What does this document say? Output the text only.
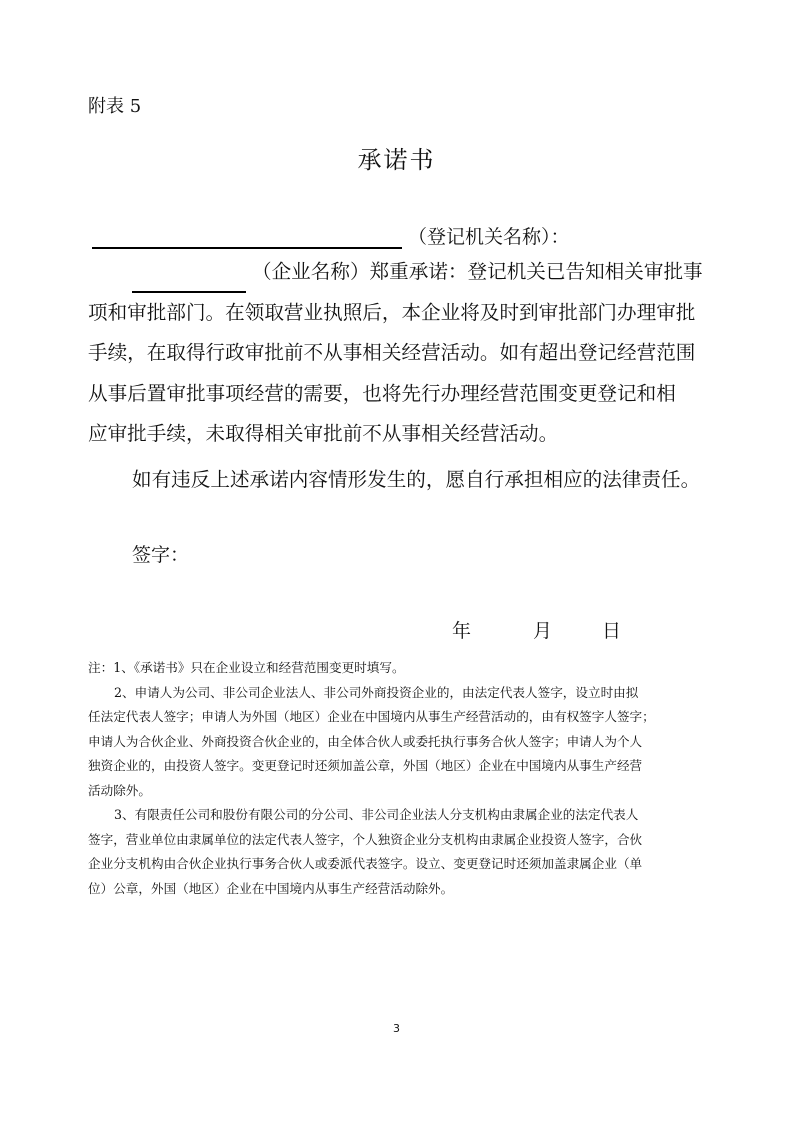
附表 5
承诺书
（登记机关名称）：
（企业名称）郑重承诺：登记机关已告知相关审批事
项和审批部门。在领取营业执照后，本企业将及时到审批部门办理审批
手续，在取得行政审批前不从事相关经营活动。如有超出登记经营范围
从事后置审批事项经营的需要，也将先行办理经营范围变更登记和相
应审批手续，未取得相关审批前不从事相关经营活动。
如有违反上述承诺内容情形发生的，愿自行承担相应的法律责任。
签字：
年	月	日
注：1、《承诺书》只在企业设立和经营范围变更时填写。
2、申请人为公司、非公司企业法人、非公司外商投资企业的，由法定代表人签字，设立时由拟
任法定代表人签字；申请人为外国（地区）企业在中国境内从事生产经营活动的，由有权签字人签字；
申请人为合伙企业、外商投资合伙企业的，由全体合伙人或委托执行事务合伙人签字；申请人为个人
独资企业的，由投资人签字。变更登记时还须加盖公章，外国（地区）企业在中国境内从事生产经营
活动除外。
3、有限责任公司和股份有限公司的分公司、非公司企业法人分支机构由隶属企业的法定代表人
签字，营业单位由隶属单位的法定代表人签字，个人独资企业分支机构由隶属企业投资人签字，合伙
企业分支机构由合伙企业执行事务合伙人或委派代表签字。设立、变更登记时还须加盖隶属企业（单
位）公章，外国（地区）企业在中国境内从事生产经营活动除外。
3
